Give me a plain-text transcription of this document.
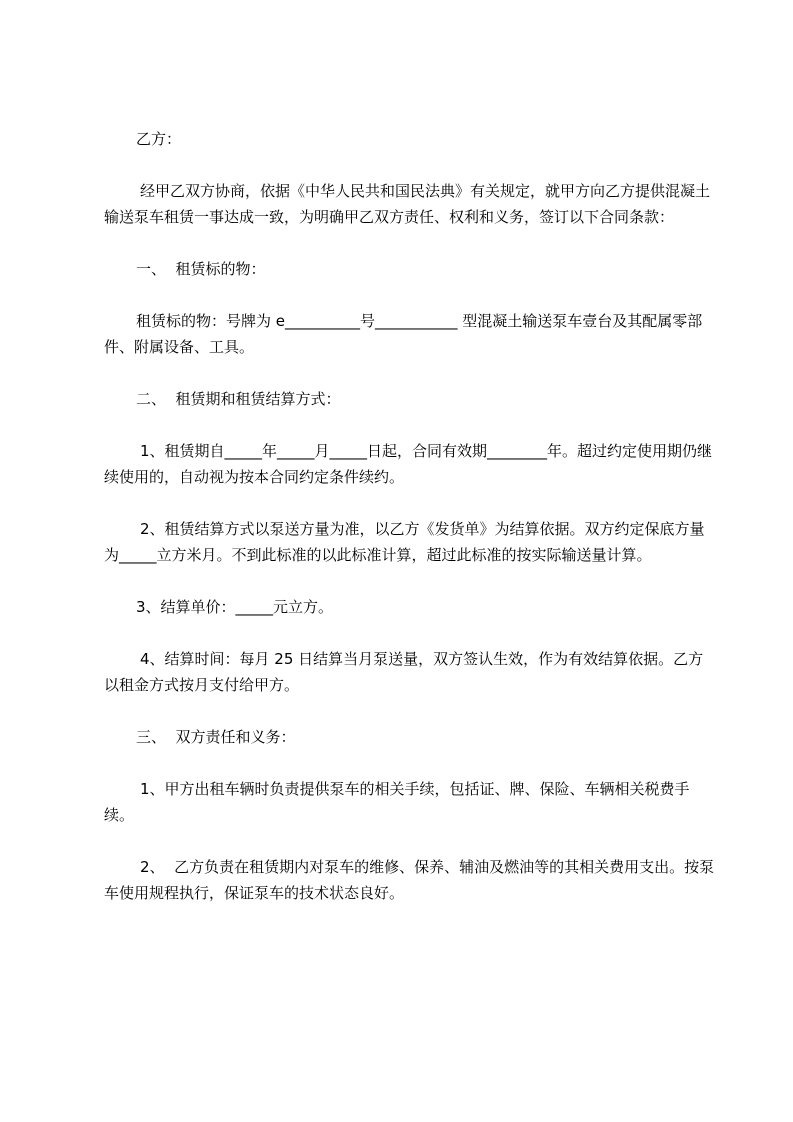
乙方：

经甲乙双方协商，依据《中华人民共和国民法典》有关规定，就甲方向乙方提供混凝土输送泵车租赁一事达成一致，为明确甲乙双方责任、权利和义务，签订以下合同条款：

一、  租赁标的物：

租赁标的物：号牌为 e__________号___________ 型混凝土输送泵车壹台及其配属零部件、附属设备、工具。

二、  租赁期和租赁结算方式：

1、租赁期自_____年_____月_____日起，合同有效期________年。超过约定使用期仍继续使用的，自动视为按本合同约定条件续约。

2、租赁结算方式以泵送方量为准，以乙方《发货单》为结算依据。双方约定保底方量为_____立方米月。不到此标准的以此标准计算，超过此标准的按实际输送量计算。

3、结算单价：_____元立方。

4、结算时间：每月 25 日结算当月泵送量，双方签认生效，作为有效结算依据。乙方以租金方式按月支付给甲方。

三、  双方责任和义务：

1、甲方出租车辆时负责提供泵车的相关手续，包括证、牌、保险、车辆相关税费手续。

2、  乙方负责在租赁期内对泵车的维修、保养、辅油及燃油等的其相关费用支出。按泵车使用规程执行，保证泵车的技术状态良好。
